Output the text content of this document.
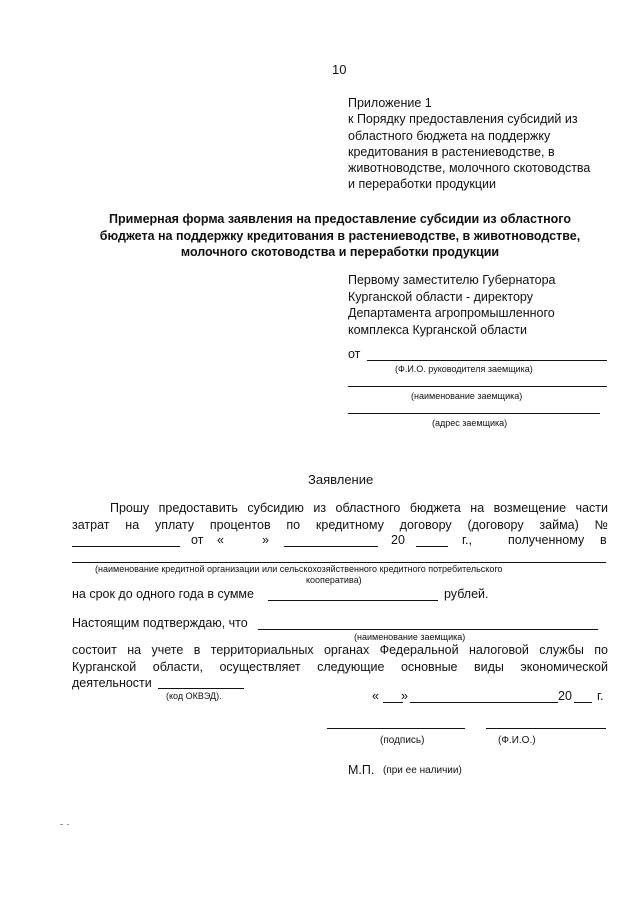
10
Приложение 1
к Порядку предоставления субсидий из
областного бюджета на поддержку
кредитования в растениеводстве, в
животноводстве, молочного скотоводства
и переработки продукции
Примерная форма заявления на предоставление субсидии из областного
бюджета на поддержку кредитования в растениеводстве, в животноводстве,
молочного скотоводства и переработки продукции
Первому заместителю Губернатора
Курганской области - директору
Департамента агропромышленного
комплекса Курганской области
от
(Ф.И.О. руководителя заемщика)
(наименование заемщика)
(адрес заемщика)
Заявление
Прошу предоставить субсидию из областного бюджета на возмещение части
затрат на уплату процентов по кредитному договору (договору займа) №
от «	»	20	г.,	полученному в
(наименование кредитной организации или сельскохозяйственного кредитного потребительского
кооператива)
на срок до одного года в сумме	рублей.
Настоящим подтверждаю, что
(наименование заемщика)
состоит на учете в территориальных органах Федеральной налоговой службы по
Курганской области, осуществляет следующие основные виды экономической
деятельности
(код ОКВЭД).	« »	20 г.
(подпись)	(Ф.И.О.)
М.П. (при ее наличии)
